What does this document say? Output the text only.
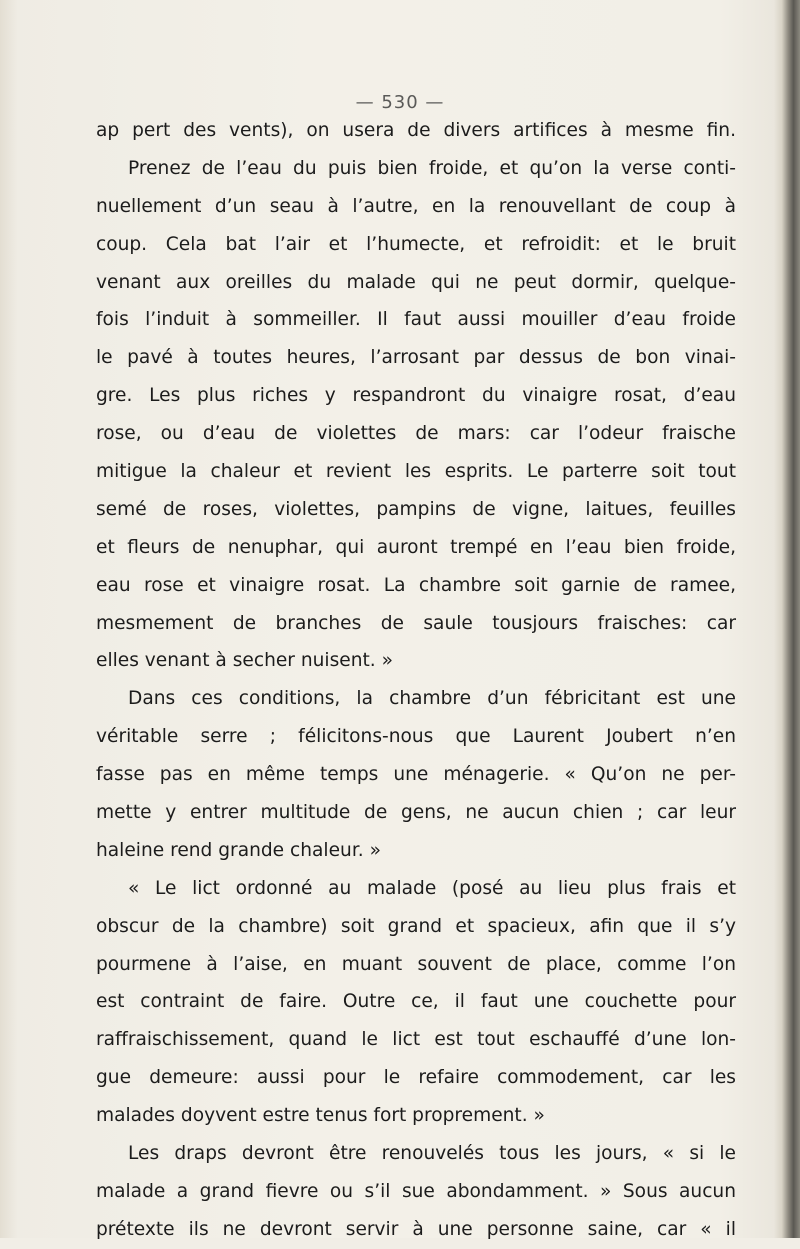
— 530 —
ap pert des vents), on usera de divers artifices à mesme fin.
Prenez de l’eau du puis bien froide, et qu’on la verse conti-
nuellement d’un seau à l’autre, en la renouvellant de coup à
coup. Cela bat l’air et l’humecte, et refroidit: et le bruit
venant aux oreilles du malade qui ne peut dormir, quelque-
fois l’induit à sommeiller. Il faut aussi mouiller d’eau froide
le pavé à toutes heures, l’arrosant par dessus de bon vinai-
gre. Les plus riches y respandront du vinaigre rosat, d’eau
rose, ou d’eau de violettes de mars: car l’odeur fraische
mitigue la chaleur et revient les esprits. Le parterre soit tout
semé de roses, violettes, pampins de vigne, laitues, feuilles
et fleurs de nenuphar, qui auront trempé en l’eau bien froide,
eau rose et vinaigre rosat. La chambre soit garnie de ramee,
mesmement de branches de saule tousjours fraisches: car
elles venant à secher nuisent. »
Dans ces conditions, la chambre d’un fébricitant est une
véritable serre ; félicitons-nous que Laurent Joubert n’en
fasse pas en même temps une ménagerie. « Qu’on ne per-
mette y entrer multitude de gens, ne aucun chien ; car leur
haleine rend grande chaleur. »
« Le lict ordonné au malade (posé au lieu plus frais et
obscur de la chambre) soit grand et spacieux, afin que il s’y
pourmene à l’aise, en muant souvent de place, comme l’on
est contraint de faire. Outre ce, il faut une couchette pour
raffraischissement, quand le lict est tout eschauffé d’une lon-
gue demeure: aussi pour le refaire commodement, car les
malades doyvent estre tenus fort proprement. »
Les draps devront être renouvelés tous les jours, « si le
malade a grand fievre ou s’il sue abondamment. » Sous aucun
prétexte ils ne devront servir à une personne saine, car « il
